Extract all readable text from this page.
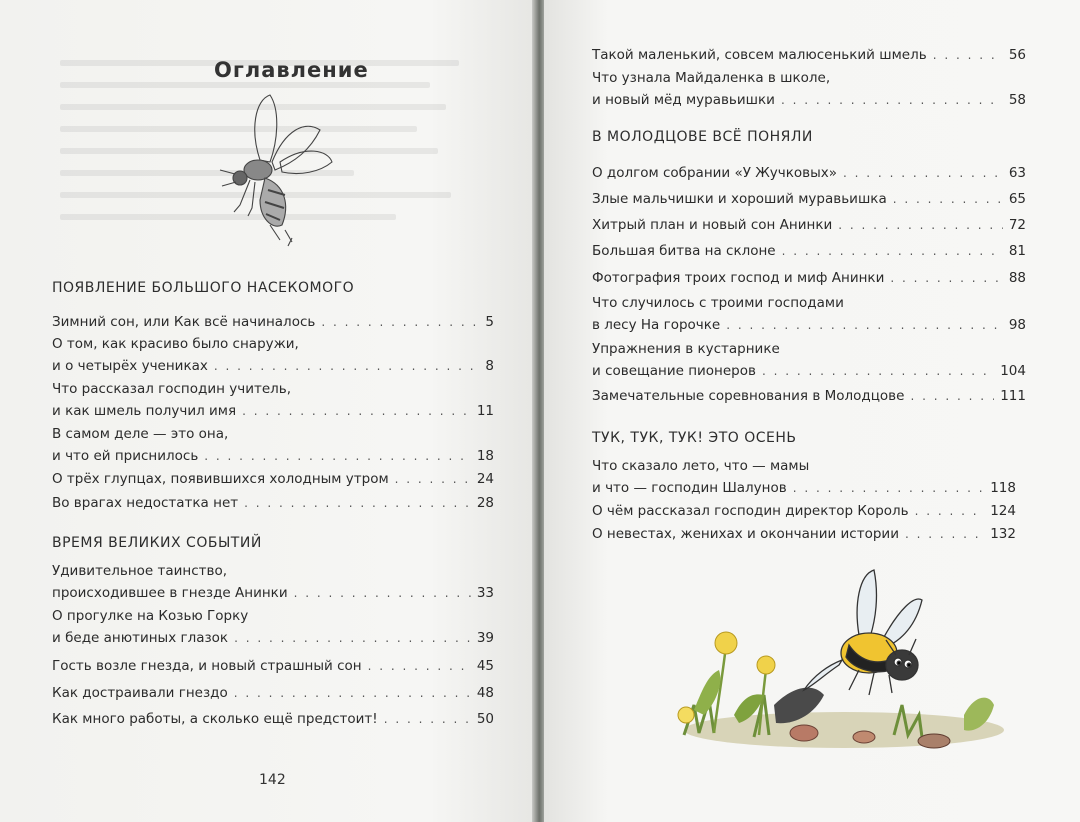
Оглавление
ПОЯВЛЕНИЕ БОЛЬШОГО НАСЕКОМОГО
Зимний сон, или Как всё начиналось . . .	5
О том, как красиво было снаружи,
и о четырёх учениках . . .	8
Что рассказал господин учитель,
и как шмель получил имя . . .	11
В самом деле — это она,
и что ей приснилось . . .	18
О трёх глупцах, появившихся холодным утром . . .	24
Во врагах недостатка нет . . .	28
ВРЕМЯ ВЕЛИКИХ СОБЫТИЙ
Удивительное таинство,
происходившее в гнезде Анинки . . .	33
О прогулке на Козью Горку
и беде анютиных глазок . . .	39
Гость возле гнезда, и новый страшный сон . . .	45
Как достраивали гнездо . . .	48
Как много работы, а сколько ещё предстоит! . . .	50
142
Такой маленький, совсем малюсенький шмель . . .	56
Что узнала Майдаленка в школе,
и новый мёд муравьишки . . .	58
В МОЛОДЦОВЕ ВСЁ ПОНЯЛИ
О долгом собрании «У Жучковых» . . .	63
Злые мальчишки и хороший муравьишка . . .	65
Хитрый план и новый сон Анинки . . .	72
Большая битва на склоне . . .	81
Фотография троих господ и миф Анинки . . .	88
Что случилось с троими господами
в лесу На горочке . . .	98
Упражнения в кустарнике
и совещание пионеров . . .	104
Замечательные соревнования в Молодцове . . .	111
ТУК, ТУК, ТУК! ЭТО ОСЕНЬ
Что сказало лето, что — мамы
и что — господин Шалунов . . .	118
О чём рассказал господин директор Король . . .	124
О невестах, женихах и окончании истории . . .	132
